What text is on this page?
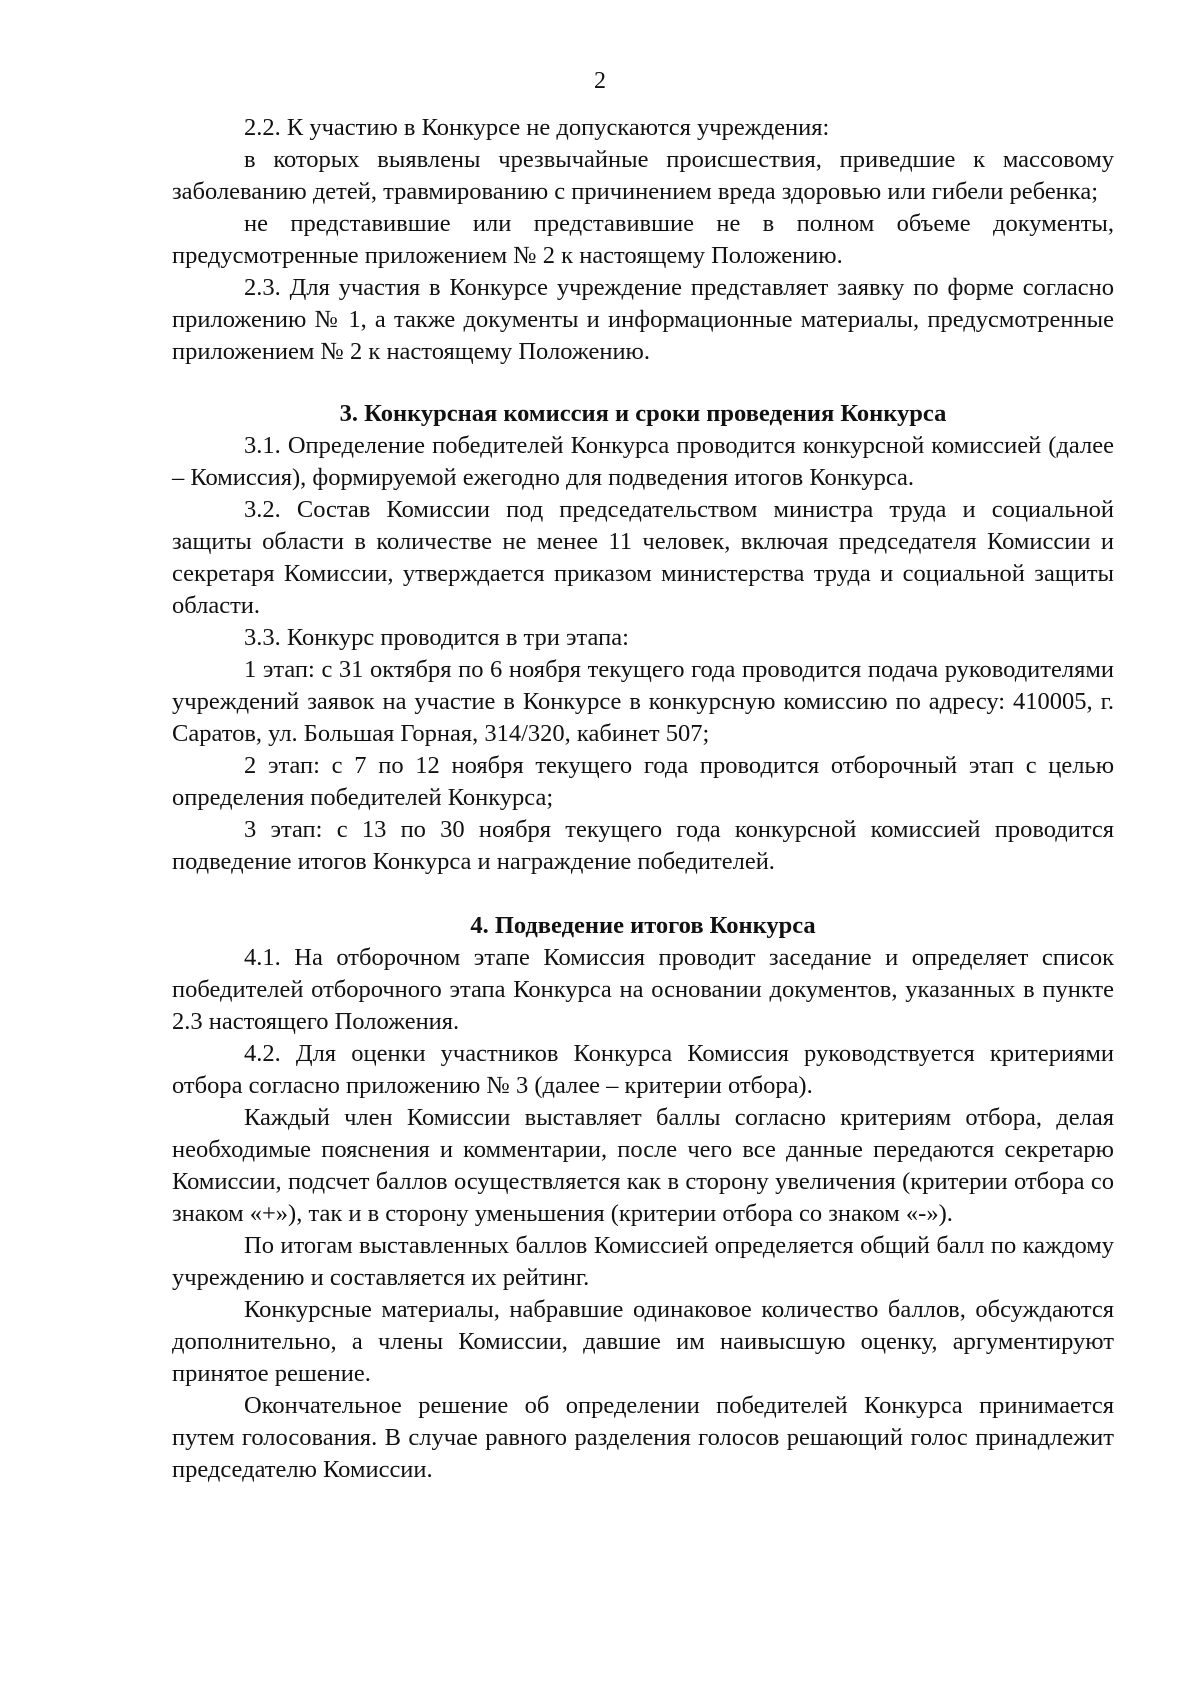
2

2.2. К участию в Конкурсе не допускаются учреждения:

в которых выявлены чрезвычайные происшествия, приведшие к массовому заболеванию детей, травмированию с причинением вреда здоровью или гибели ребенка;

не представившие или представившие не в полном объеме документы, предусмотренные приложением № 2 к настоящему Положению.

2.3. Для участия в Конкурсе учреждение представляет заявку по форме согласно приложению № 1, а также документы и информационные материалы, предусмотренные приложением № 2 к настоящему Положению.

3. Конкурсная комиссия и сроки проведения Конкурса

3.1. Определение победителей Конкурса проводится конкурсной комиссией (далее – Комиссия), формируемой ежегодно для подведения итогов Конкурса.

3.2. Состав Комиссии под председательством министра труда и социальной защиты области в количестве не менее 11 человек, включая председателя Комиссии и секретаря Комиссии, утверждается приказом министерства труда и социальной защиты области.

3.3. Конкурс проводится в три этапа:

1 этап: с 31 октября по 6 ноября текущего года проводится подача руководителями учреждений заявок на участие в Конкурсе в конкурсную комиссию по адресу: 410005, г. Саратов, ул. Большая Горная, 314/320, кабинет 507;

2 этап: с 7 по 12 ноября текущего года проводится отборочный этап с целью определения победителей Конкурса;

3 этап: с 13 по 30 ноября текущего года конкурсной комиссией проводится подведение итогов Конкурса и награждение победителей.

4. Подведение итогов Конкурса

4.1. На отборочном этапе Комиссия проводит заседание и определяет список победителей отборочного этапа Конкурса на основании документов, указанных в пункте 2.3 настоящего Положения.

4.2. Для оценки участников Конкурса Комиссия руководствуется критериями отбора согласно приложению № 3 (далее – критерии отбора).

Каждый член Комиссии выставляет баллы согласно критериям отбора, делая необходимые пояснения и комментарии, после чего все данные передаются секретарю Комиссии, подсчет баллов осуществляется как в сторону увеличения (критерии отбора со знаком «+»), так и в сторону уменьшения (критерии отбора со знаком «-»).

По итогам выставленных баллов Комиссией определяется общий балл по каждому учреждению и составляется их рейтинг.

Конкурсные материалы, набравшие одинаковое количество баллов, обсуждаются дополнительно, а члены Комиссии, давшие им наивысшую оценку, аргументируют принятое решение.

Окончательное решение об определении победителей Конкурса принимается путем голосования. В случае равного разделения голосов решающий голос принадлежит председателю Комиссии.
